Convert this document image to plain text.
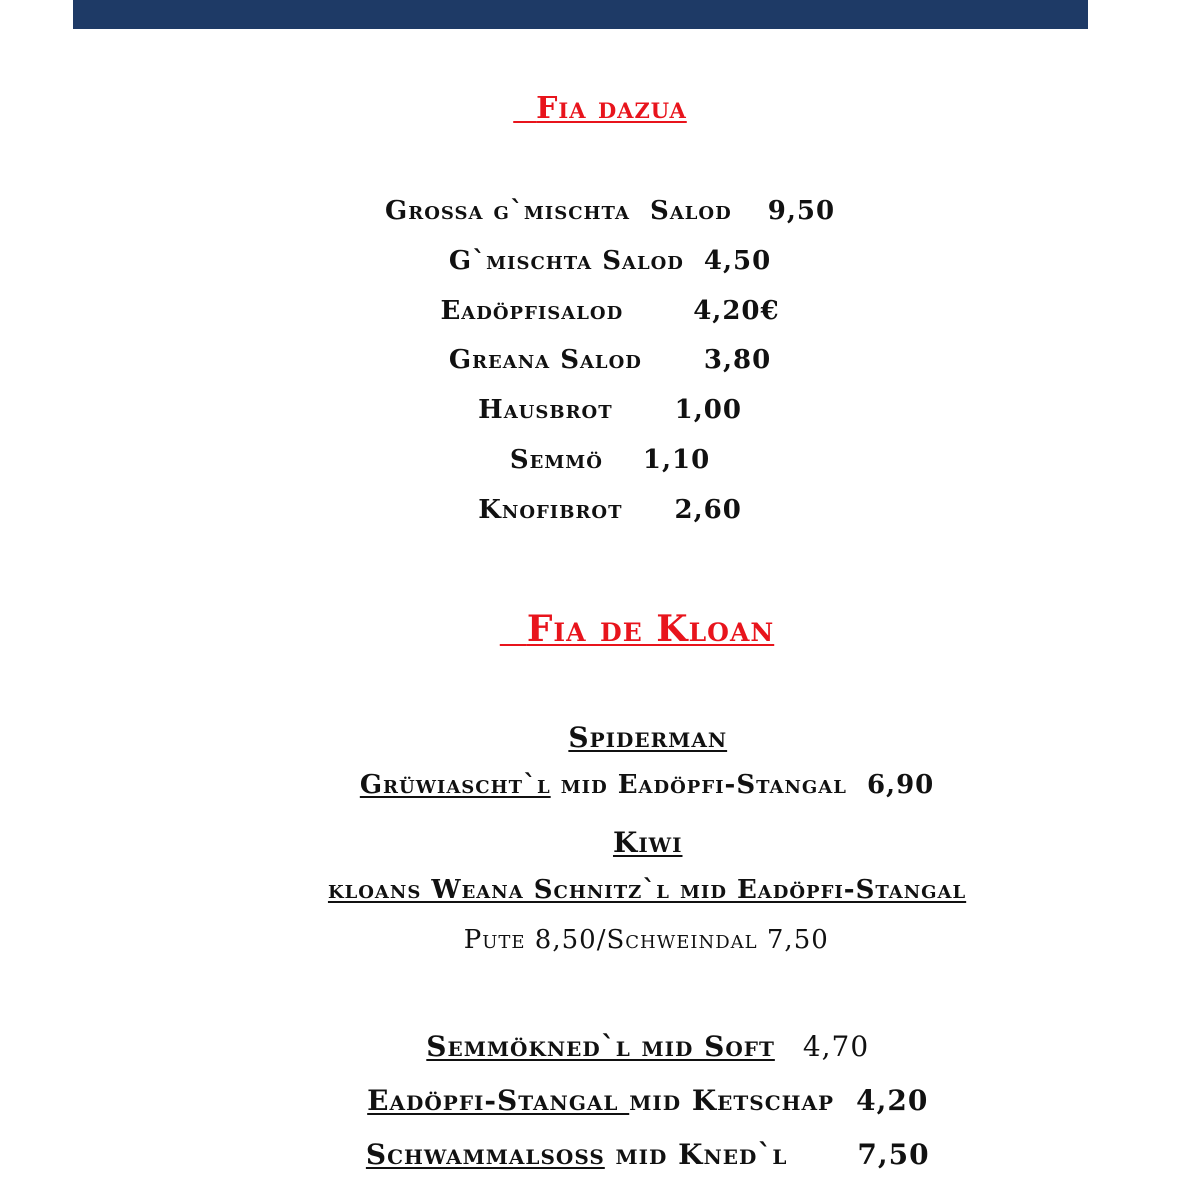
Fia dazua

Grossa g`mischta  Salod 9,50

G`mischta Salod 4,50

Eadöpfisalod	4,20€

Greana Salod 3,80

Hausbrot 1,00

Semmö 1,10

Knofibrot 2,60

Fia de Kloan

Spiderman

Grüwiascht`l mid Eadöpfi-Stangal 6,90

Kiwi

kloans Weana Schnitz`l mid Eadöpfi-Stangal

Pute 8,50/Schweindal 7,50

Semmökned`l mid Soft 4,70

Eadöpfi-Stangal mid Ketschap 4,20

Schwammalsoss mid Kned`l	7,50
